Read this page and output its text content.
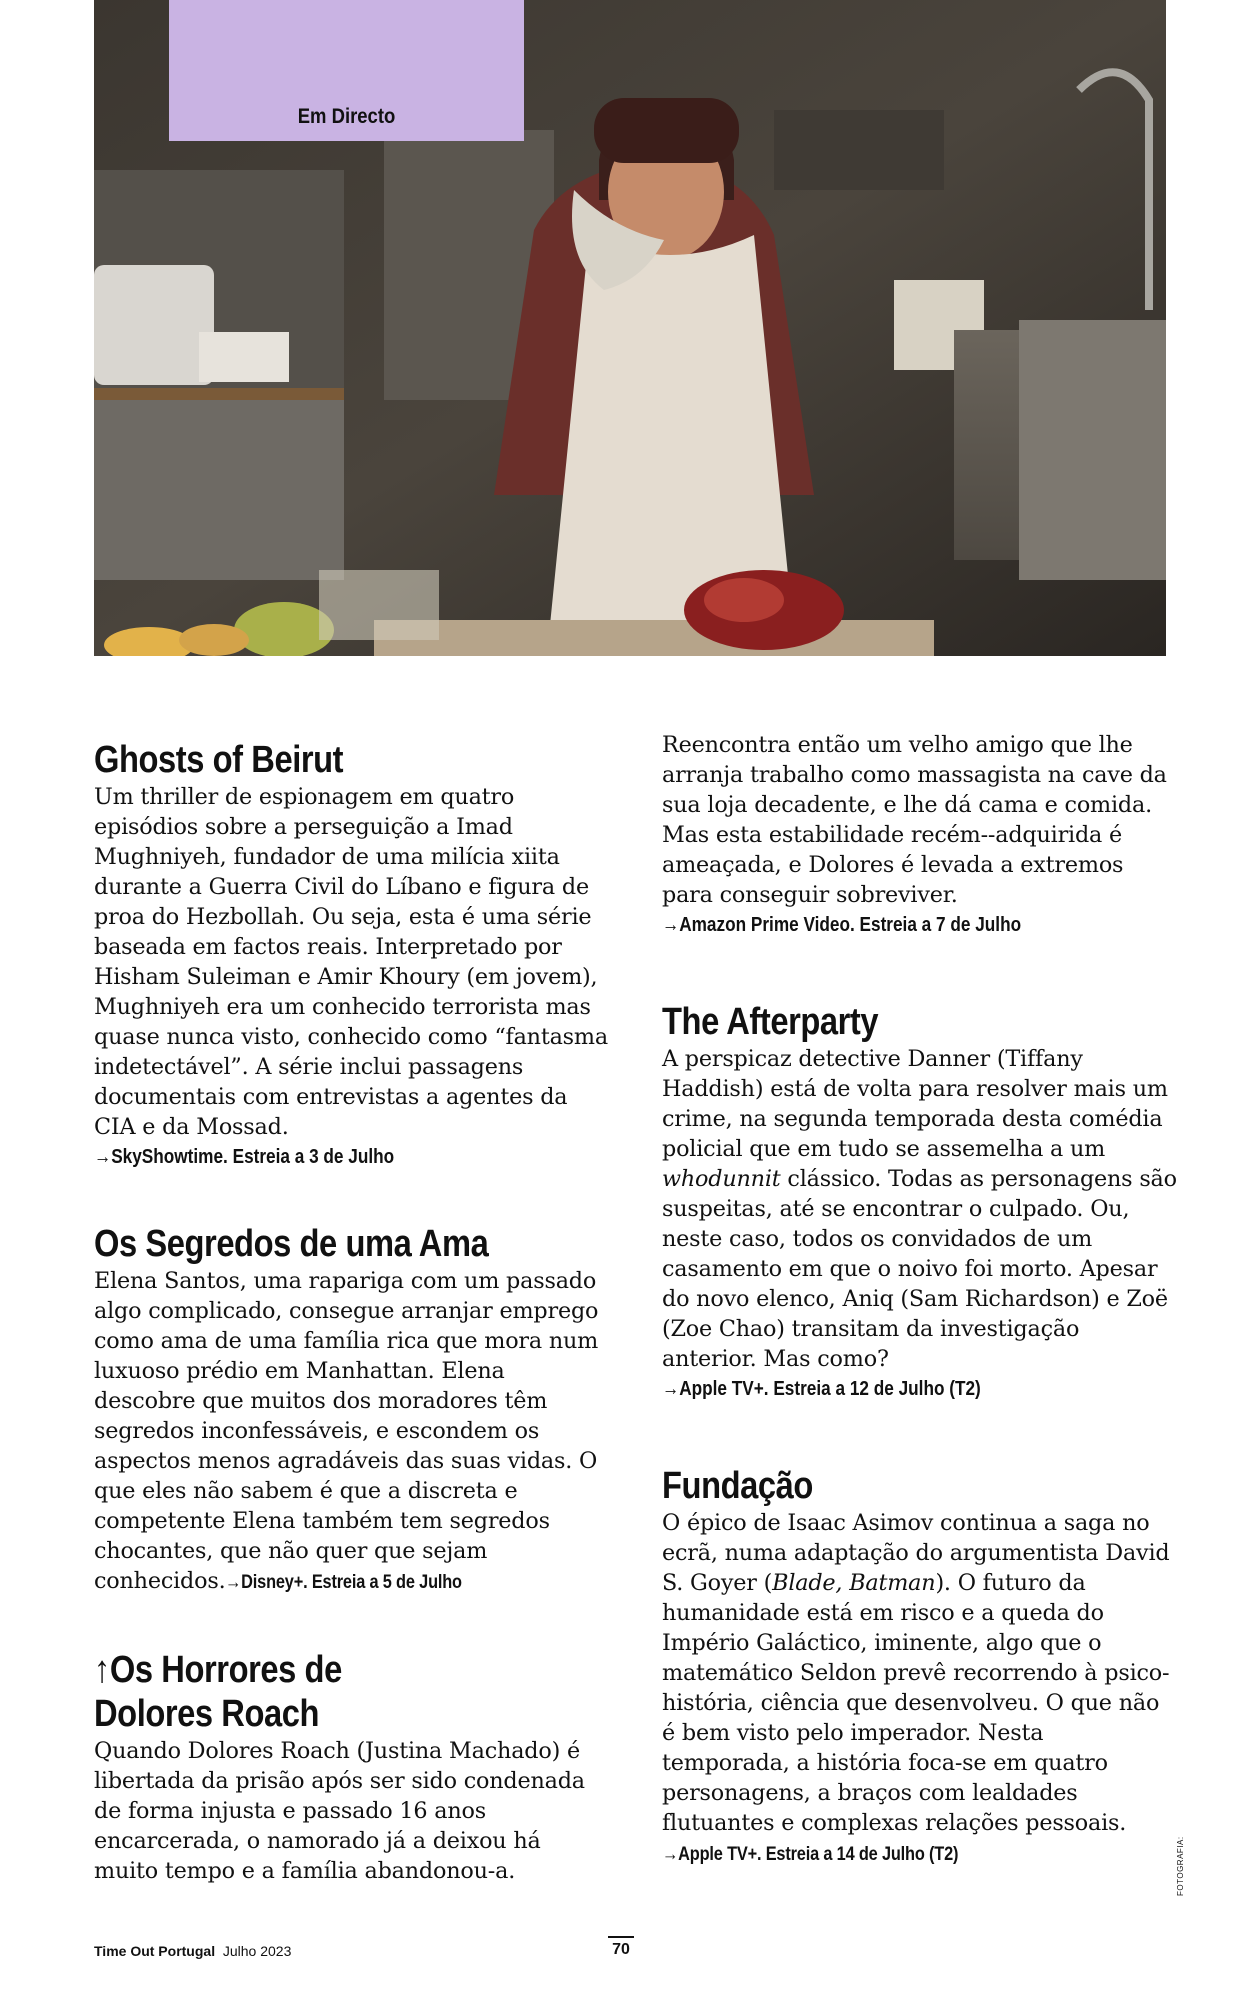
Em Directo
Ghosts of Beirut

Um thriller de espionagem em quatro episódios sobre a perseguição a Imad Mughniyeh, fundador de uma milícia xiita durante a Guerra Civil do Líbano e figura de proa do Hezbollah. Ou seja, esta é uma série baseada em factos reais. Interpretado por Hisham Suleiman e Amir Khoury (em jovem), Mughniyeh era um conhecido terrorista mas quase nunca visto, conhecido como “fantasma indetectável”. A série inclui passagens documentais com entrevistas a agentes da CIA e da Mossad.

→SkyShowtime. Estreia a 3 de Julho
Os Segredos de uma Ama

Elena Santos, uma rapariga com um passado algo complicado, consegue arranjar emprego como ama de uma família rica que mora num luxuoso prédio em Manhattan. Elena descobre que muitos dos moradores têm segredos inconfessáveis, e escondem os aspectos menos agradáveis das suas vidas. O que eles não sabem é que a discreta e competente Elena também tem segredos chocantes, que não quer que sejam conhecidos.→Disney+. Estreia a 5 de Julho

↑Os Horrores de
Dolores Roach

Quando Dolores Roach (Justina Machado) é libertada da prisão após ser sido condenada de forma injusta e passado 16 anos encarcerada, o namorado já a deixou há muito tempo e a família abandonou-a.

Reencontra então um velho amigo que lhe arranja trabalho como massagista na cave da sua loja decadente, e lhe dá cama e comida. Mas esta estabilidade recém--adquirida é ameaçada, e Dolores é levada a extremos para conseguir sobreviver.

→Amazon Prime Video. Estreia a 7 de Julho
The Afterparty

A perspicaz detective Danner (Tiffany Haddish) está de volta para resolver mais um crime, na segunda temporada desta comédia policial que em tudo se assemelha a um whodunnit clássico. Todas as personagens são suspeitas, até se encontrar o culpado. Ou, neste caso, todos os convidados de um casamento em que o noivo foi morto. Apesar do novo elenco, Aniq (Sam Richardson) e Zoë (Zoe Chao) transitam da investigação anterior. Mas como?

→Apple TV+. Estreia a 12 de Julho (T2)
Fundação

O épico de Isaac Asimov continua a saga no ecrã, numa adaptação do argumentista David S. Goyer (Blade, Batman). O futuro da humanidade está em risco e a queda do Império Galáctico, iminente, algo que o matemático Seldon prevê recorrendo à psico-história, ciência que desenvolveu. O que não é bem visto pelo imperador. Nesta temporada, a história foca-se em quatro personagens, a braços com lealdades flutuantes e complexas relações pessoais.→Apple TV+. Estreia a 14 de Julho (T2)	FOTOGRAFIA:
Time Out Portugal Julho 2023	70
